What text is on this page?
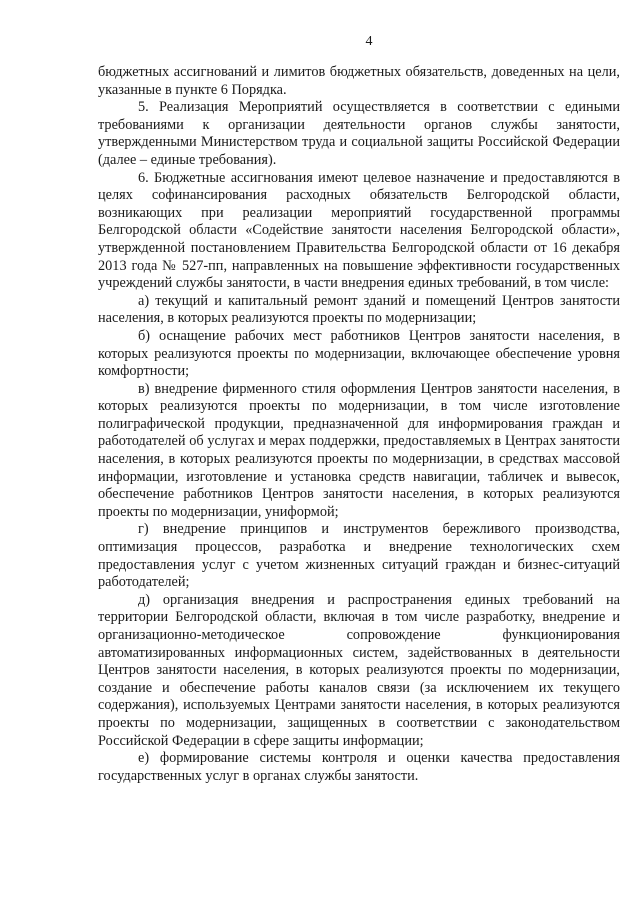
4

бюджетных ассигнований и лимитов бюджетных обязательств, доведенных на цели, указанные в пункте 6 Порядка.

5. Реализация Мероприятий осуществляется в соответствии с едиными требованиями к организации деятельности органов службы занятости, утвержденными Министерством труда и социальной защиты Российской Федерации (далее – единые требования).

6. Бюджетные ассигнования имеют целевое назначение и предоставляются в целях софинансирования расходных обязательств Белгородской области, возникающих при реализации мероприятий государственной программы Белгородской области «Содействие занятости населения Белгородской области», утвержденной постановлением Правительства Белгородской области от 16 декабря 2013 года № 527-пп, направленных на повышение эффективности государственных учреждений службы занятости, в части внедрения единых требований, в том числе:

а) текущий и капитальный ремонт зданий и помещений Центров занятости населения, в которых реализуются проекты по модернизации;

б) оснащение рабочих мест работников Центров занятости населения, в которых реализуются проекты по модернизации, включающее обеспечение уровня комфортности;

в) внедрение фирменного стиля оформления Центров занятости населения, в которых реализуются проекты по модернизации, в том числе изготовление полиграфической продукции, предназначенной для информирования граждан и работодателей об услугах и мерах поддержки, предоставляемых в Центрах занятости населения, в которых реализуются проекты по модернизации, в средствах массовой информации, изготовление и установка средств навигации, табличек и вывесок, обеспечение работников Центров занятости населения, в которых реализуются проекты по модернизации, униформой;

г) внедрение принципов и инструментов бережливого производства, оптимизация процессов, разработка и внедрение технологических схем предоставления услуг с учетом жизненных ситуаций граждан и бизнес-ситуаций работодателей;

д) организация внедрения и распространения единых требований на территории Белгородской области, включая в том числе разработку, внедрение и организационно-методическое сопровождение функционирования автоматизированных информационных систем, задействованных в деятельности Центров занятости населения, в которых реализуются проекты по модернизации, создание и обеспечение работы каналов связи (за исключением их текущего содержания), используемых Центрами занятости населения, в которых реализуются проекты по модернизации, защищенных в соответствии с законодательством Российской Федерации в сфере защиты информации;

е) формирование системы контроля и оценки качества предоставления государственных услуг в органах службы занятости.
